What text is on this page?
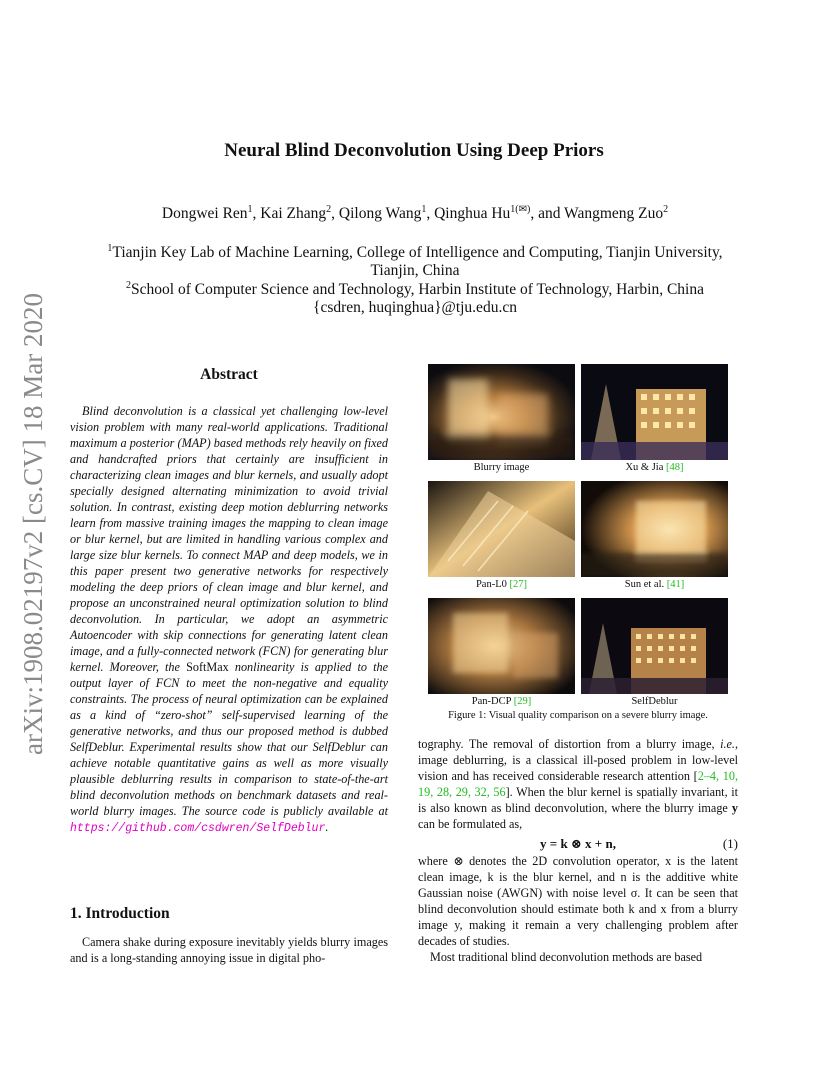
arXiv:1908.02197v2 [cs.CV] 18 Mar 2020
Neural Blind Deconvolution Using Deep Priors
Dongwei Ren$^1$, Kai Zhang$^2$, Qilong Wang$^1$, Qinghua $Hu^{1(✉)}$, and Wangmeng Zuo$^2$
$^1$Tianjin Key Lab of Machine Learning, College of Intelligence and Computing, Tianjin University,
Tianjin, China
$^2$School of Computer Science and Technology, Harbin Institute of Technology, Harbin, China
{csdren, huqinghua}@tju.edu.cn
Abstract
Blind deconvolution is a classical yet challenging low-level vision problem with many real-world applications. Traditional maximum a posterior (MAP) based methods rely heavily on fixed and handcrafted priors that certainly are insufficient in characterizing clean images and blur kernels, and usually adopt specially designed alternating minimization to avoid trivial solution. In contrast, existing deep motion deblurring networks learn from massive training images the mapping to clean image or blur kernel, but are limited in handling various complex and large size blur kernels. To connect MAP and deep models, we in this paper present two generative networks for respectively modeling the deep priors of clean image and blur kernel, and propose an unconstrained neural optimization solution to blind deconvolution. In particular, we adopt an asymmetric Autoencoder with skip connections for generating latent clean image, and a fully-connected network (FCN) for generating blur kernel. Moreover, the SoftMax nonlinearity is applied to the output layer of FCN to meet the non-negative and equality constraints. The process of neural optimization can be explained as a kind of “zero-shot” self-supervised learning of the generative networks, and thus our proposed method is dubbed SelfDeblur. Experimental results show that our SelfDeblur can achieve notable quantitative gains as well as more visually plausible deblurring results in comparison to state-of-the-art blind deconvolution methods on benchmark datasets and real-world blurry images. The source code is publicly available at https://github.com/csdwren/SelfDeblur.
1. Introduction
Camera shake during exposure inevitably yields blurry images and is a long-standing annoying issue in digital pho-
Blurry image	Xu & Jia [48]
Pan-L0 [27]	Sun et al. [41]
Pan-DCP [29]	SelfDeblur
Figure 1: Visual quality comparison on a severe blurry image.
tography. The removal of distortion from a blurry image, i.e., image deblurring, is a classical ill-posed problem in low-level vision and has received considerable research attention [2–4, 10, 19, 28, 29, 32, 56]. When the blur kernel is spatially invariant, it is also known as blind deconvolution, where the blurry image y can be formulated as,
y = k ⊗ x + n,	(1)
where ⊗ denotes the 2D convolution operator, x is the latent clean image, k is the blur kernel, and n is the additive white Gaussian noise (AWGN) with noise level σ. It can be seen that blind deconvolution should estimate both k and x from a blurry image y, making it remain a very challenging problem after decades of studies.
Most traditional blind deconvolution methods are based
